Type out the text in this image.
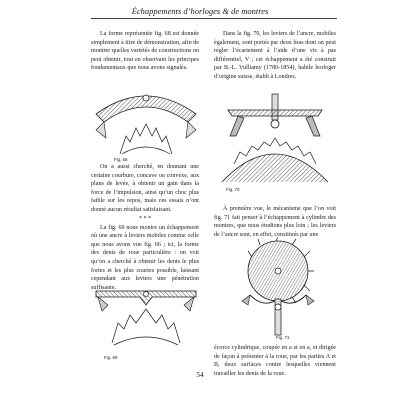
Échappements d’horloges & de montres

La forme représentée fig. 68 est donnée simplement à titre de démonstration, afin de montrer quelles variétés de constructions on peut obtenir, tout en observant les principes fondamentaux que nous avons signalés.

Fig. 68

On a aussi cherché, en donnant une certaine courbure, concave ou convexe, aux plans de levée, à obtenir un gain dans la force de l’impulsion, ainsi qu’un choc plus faible sur les repos, mais ces essais n’ont donné aucun résultat satisfaisant.

* * *

La fig. 69 nous montre un échappement où une ancre à leviers mobiles comme celle que nous avons vue fig. 66 ; ici, la forme des dents de roue particulière : on voit qu’on a cherché à obtenir les dents le plus fortes et les plus courtes possible, laissant cependant aux leviers une pénétration suffisante.

Fig. 69

Dans la fig. 70, les leviers de l’ancre, mobiles également, sont portés par deux bras dont on peut régler l’écartement à l’aide d’une vis à pas différentiel, V ; cet échappement a été construit par B.-L. Vulliamy (1780-1854), habile horloger d’origine suisse, établi à Londres.

Fig. 70

À première vue, le mécanisme que l’on voit fig. 71 fait penser à l’échappement à cylindre des montres, que nous étudions plus loin ; les leviers de l’ancre sont, en effet, constitués par une

Fig. 71

écorce cylindrique, coupée en a et en a, et dirigée de façon à présenter à la roue, par les parties A et B, deux surfaces contre lesquelles viennent travailler les dents de la roue.

54
